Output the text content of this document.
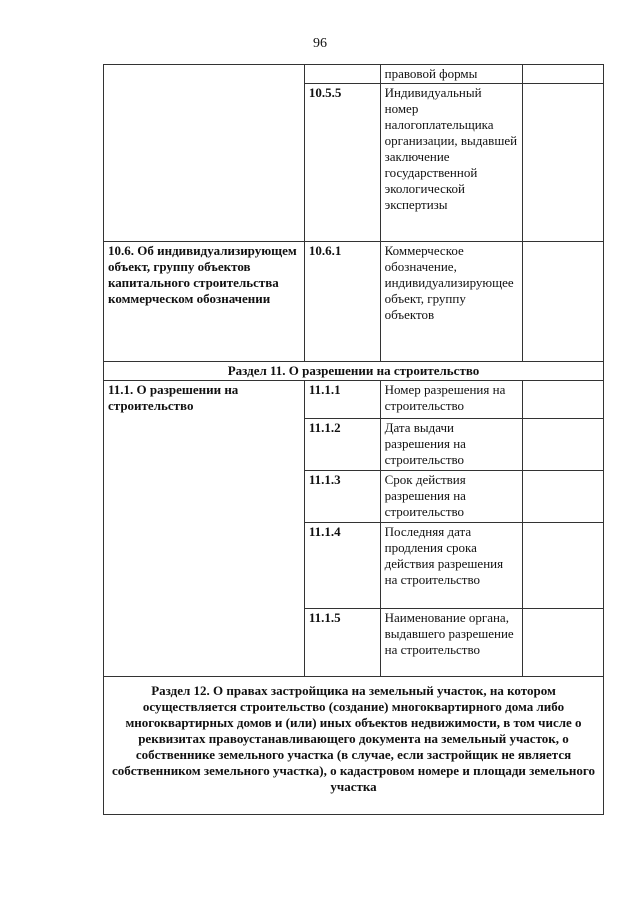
96
		правовой формы	
	10.5.5	Индивидуальный номер налогоплательщика организации, выдавшей заключение государственной экологической экспертизы	
10.6. Об индивидуализирующем объект, группу объектов капитального строительства коммерческом обозначении	10.6.1	Коммерческое обозначение, индивидуализирующее объект, группу объектов	
Раздел 11. О разрешении на строительство			
11.1. О разрешении на строительство	11.1.1	Номер разрешения на строительство	
	11.1.2	Дата выдачи разрешения на строительство	
	11.1.3	Срок действия разрешения на строительство	
	11.1.4	Последняя дата продления срока действия разрешения на строительство	
	11.1.5	Наименование органа, выдавшего разрешение на строительство	
Раздел 12. О правах застройщика на земельный участок, на котором осуществляется строительство (создание) многоквартирного дома либо многоквартирных домов и (или) иных объектов недвижимости, в том числе о реквизитах правоустанавливающего документа на земельный участок, о собственнике земельного участка (в случае, если застройщик не является собственником земельного участка), о кадастровом номере и площади земельного участка			
